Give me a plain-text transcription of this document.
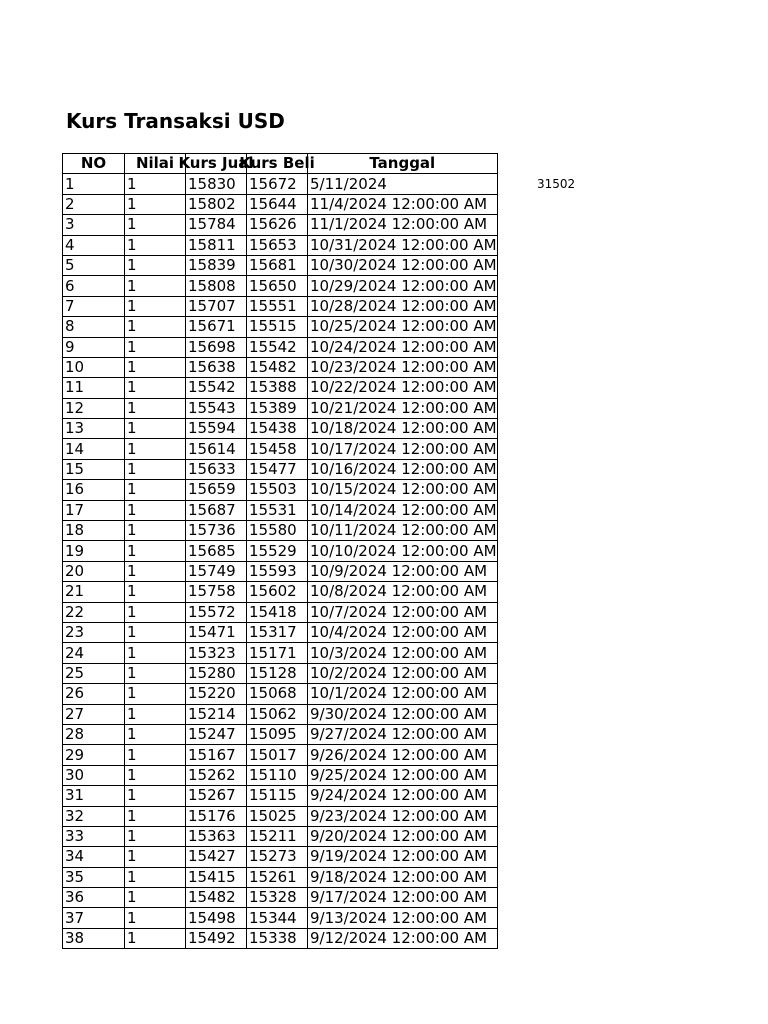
Kurs Transaksi USD
31502
NO	Nilai	Kurs Jual	Kurs Beli	Tanggal

1	1	15830	15672	5/11/2024
2	1	15802	15644	11/4/2024 12:00:00 AM
3	1	15784	15626	11/1/2024 12:00:00 AM
4	1	15811	15653	10/31/2024 12:00:00 AM
5	1	15839	15681	10/30/2024 12:00:00 AM
6	1	15808	15650	10/29/2024 12:00:00 AM
7	1	15707	15551	10/28/2024 12:00:00 AM
8	1	15671	15515	10/25/2024 12:00:00 AM
9	1	15698	15542	10/24/2024 12:00:00 AM
10	1	15638	15482	10/23/2024 12:00:00 AM
11	1	15542	15388	10/22/2024 12:00:00 AM
12	1	15543	15389	10/21/2024 12:00:00 AM
13	1	15594	15438	10/18/2024 12:00:00 AM
14	1	15614	15458	10/17/2024 12:00:00 AM
15	1	15633	15477	10/16/2024 12:00:00 AM
16	1	15659	15503	10/15/2024 12:00:00 AM
17	1	15687	15531	10/14/2024 12:00:00 AM
18	1	15736	15580	10/11/2024 12:00:00 AM
19	1	15685	15529	10/10/2024 12:00:00 AM
20	1	15749	15593	10/9/2024 12:00:00 AM
21	1	15758	15602	10/8/2024 12:00:00 AM
22	1	15572	15418	10/7/2024 12:00:00 AM
23	1	15471	15317	10/4/2024 12:00:00 AM
24	1	15323	15171	10/3/2024 12:00:00 AM
25	1	15280	15128	10/2/2024 12:00:00 AM
26	1	15220	15068	10/1/2024 12:00:00 AM
27	1	15214	15062	9/30/2024 12:00:00 AM
28	1	15247	15095	9/27/2024 12:00:00 AM
29	1	15167	15017	9/26/2024 12:00:00 AM
30	1	15262	15110	9/25/2024 12:00:00 AM
31	1	15267	15115	9/24/2024 12:00:00 AM
32	1	15176	15025	9/23/2024 12:00:00 AM
33	1	15363	15211	9/20/2024 12:00:00 AM
34	1	15427	15273	9/19/2024 12:00:00 AM
35	1	15415	15261	9/18/2024 12:00:00 AM
36	1	15482	15328	9/17/2024 12:00:00 AM
37	1	15498	15344	9/13/2024 12:00:00 AM
38	1	15492	15338	9/12/2024 12:00:00 AM
